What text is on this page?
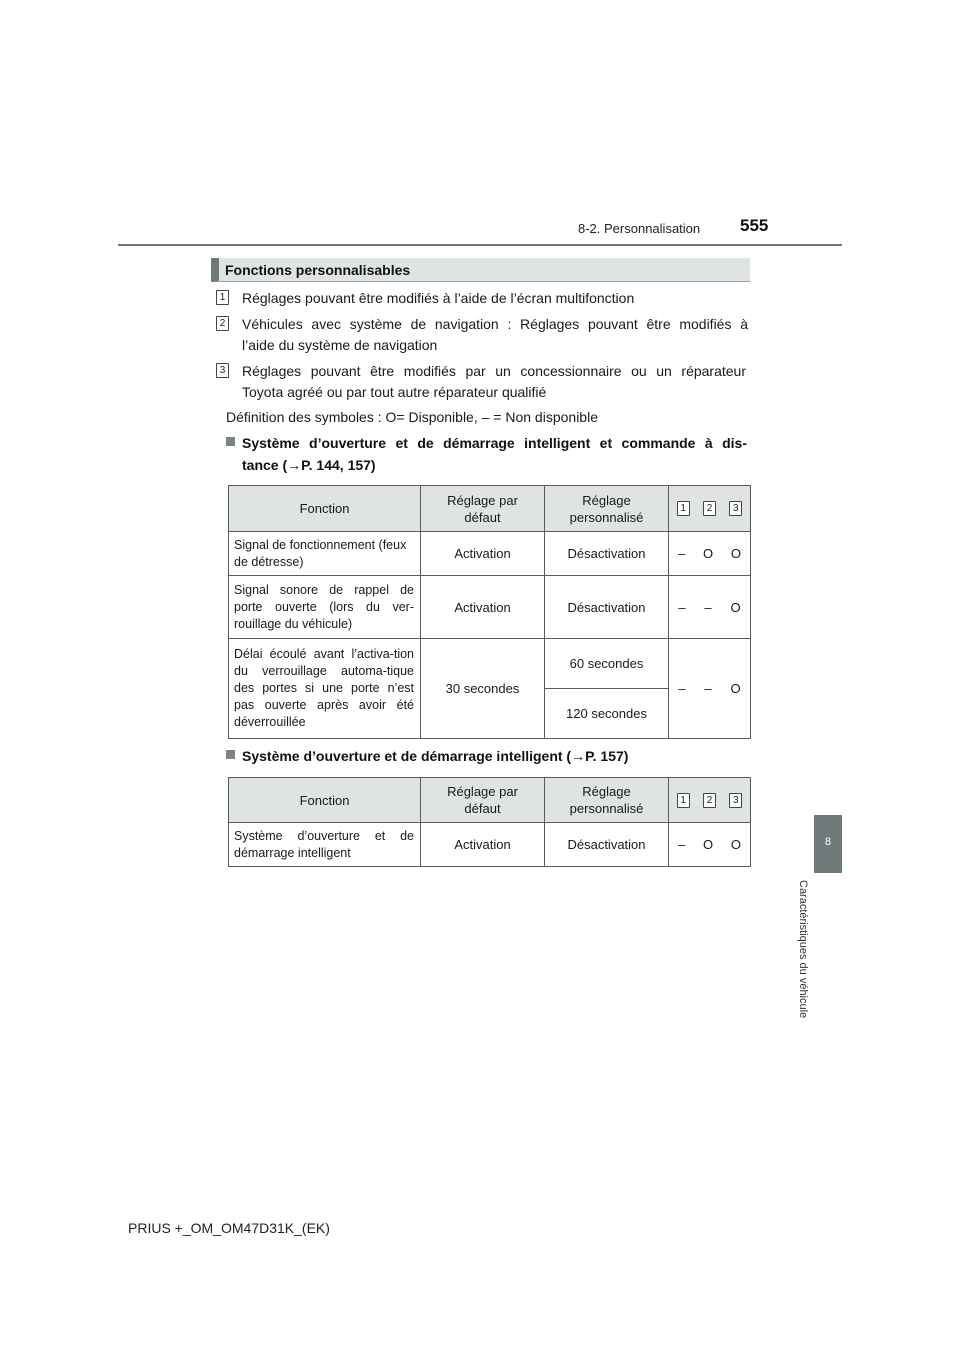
8-2. Personnalisation 555
8
Caractéristiques du véhicule
Fonctions personnalisables
1 Réglages pouvant être modifiés à l’aide de l’écran multifonction
2 Véhicules avec système de navigation : Réglages pouvant être modifiés à
l’aide du système de navigation
3 Réglages pouvant être modifiés par un concessionnaire ou un réparateur
Toyota agréé ou par tout autre réparateur qualifié
Définition des symboles : O= Disponible, – = Non disponible
Système d’ouverture et de démarrage intelligent et commande à dis-
tance (→P. 144, 157)
Fonction	Réglage par défaut	Réglage personnalisé	1 2 3

Signal de fonctionnement (feux de détresse)	Activation	Désactivation	– O O

Signal sonore de rappel de porte ouverte (lors du ver-rouillage du véhicule)	Activation	Désactivation	– – O

Délai écoulé avant l’activa-tion du verrouillage automa-tique des portes si une porte n’est pas ouverte après avoir été déverrouillée	30 secondes	60 secondes	– – O

		120 secondes	
Système d’ouverture et de démarrage intelligent (→P. 157)
Fonction	Réglage par défaut	Réglage personnalisé	1 2 3

Système d’ouverture et de démarrage intelligent	Activation	Désactivation	– O O
PRIUS +_OM_OM47D31K_(EK)
